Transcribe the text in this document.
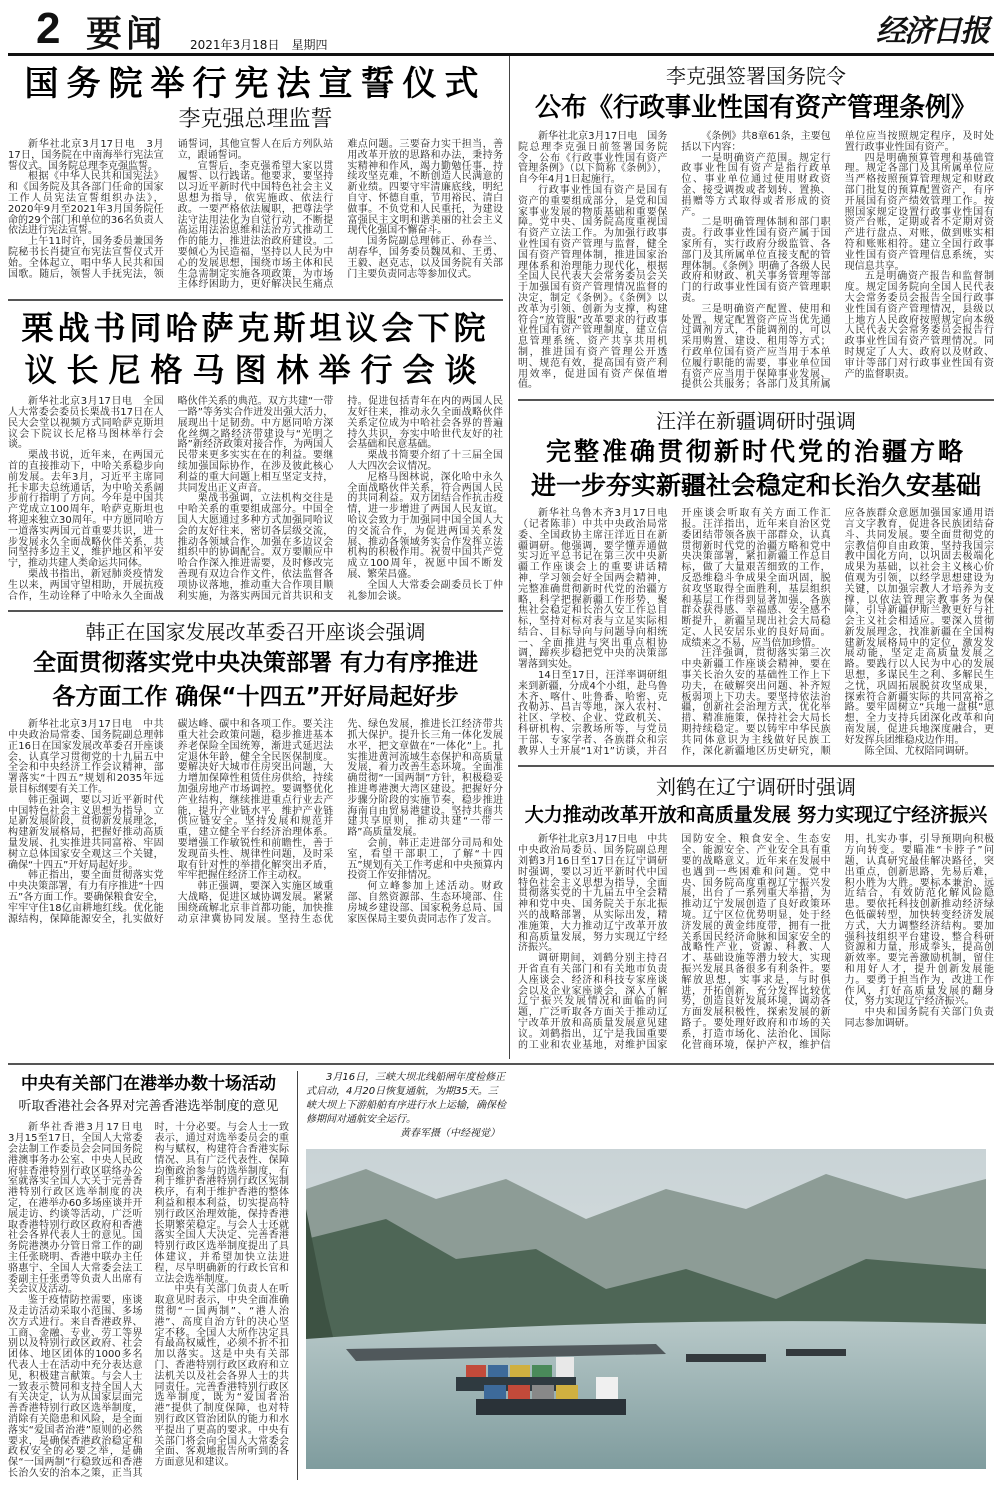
2 要闻 2021年3月18日　星期四	经济日报
国务院举行宪法宣誓仪式
李克强总理监誓

新华社北京3月17日电　3月17日，国务院在中南海举行宪法宣誓仪式。国务院总理李克强监誓。

根据《中华人民共和国宪法》和《国务院及其各部门任命的国家工作人员宪法宣誓组织办法》，2020年9月至2021年3月国务院任命的29个部门和单位的36名负责人依法进行宪法宣誓。

上午11时许，国务委员兼国务院秘书长肖捷宣布宪法宣誓仪式开始。全体起立，唱中华人民共和国国歌。随后，领誓人手抚宪法，领诵誓词，其他宣誓人在后方列队站立，跟诵誓词。

宣誓后，李克强希望大家以贯履誓、以行践诺。他要求，要坚持以习近平新时代中国特色社会主义思想为指导，依宪施政、依法行政。一要严格依法履职，把尊法学法守法用法化为自觉行动，不断提高运用法治思维和法治方式推动工作的能力，推进法治政府建设。二要倾心为民造福，坚持以人民为中心的发展思想，围绕市场主体和民生急需制定实施各项政策，为市场主体纾困助力，更好解决民生痛点难点问题。三要奋力实干担当，善用改革开放的思路和办法，秉持务实精神和作风，竭力勤勉任事，持续攻坚克难，不断创造人民满意的新业绩。四要守牢清廉底线，明纪自守、怀德自重，节用裕民、清白做事。不负党和人民重托，为建设富强民主文明和谐美丽的社会主义现代化强国不懈奋斗。

国务院副总理韩正、孙春兰、胡春华，国务委员魏凤和、王勇、王毅、赵克志，以及国务院有关部门主要负责同志等参加仪式。

栗战书同哈萨克斯坦议会下院
议长尼格马图林举行会谈

新华社北京3月17日电　全国人大常委会委员长栗战书17日在人民大会堂以视频方式同哈萨克斯坦议会下院议长尼格马图林举行会谈。

栗战书说，近年来，在两国元首的直接推动下，中哈关系稳步向前发展。去年3月，习近平主席同托卡耶夫总统通话，为中哈关系阔步前行指明了方向。今年是中国共产党成立100周年，哈萨克斯坦也将迎来独立30周年。中方愿同哈方一道落实两国元首重要共识，进一步发展永久全面战略伙伴关系，共同坚持多边主义，维护地区和平安宁，推动共建人类命运共同体。

栗战书指出，新冠肺炎疫情发生以来，两国守望相助，开展抗疫合作，生动诠释了中哈永久全面战略伙伴关系的典范。双方共建“一带一路”等务实合作迸发出强大活力，展现出十足韧劲。中方愿同哈方深化丝绸之路经济带建设与“光明之路”新经济政策对接合作，为两国人民带来更多实实在在的利益。要继续加强国际协作，在涉及彼此核心利益的重大问题上相互坚定支持，共同发出正义声音。

栗战书强调，立法机构交往是中哈关系的重要组成部分。中国全国人大愿通过多种方式加强同哈议会的友好往来，密切各层级交流，推动各领域合作，加强在多边议会组织中的协调配合。双方要顺应中哈合作深入推进需要，及时修改完善现有双边合作文件，依法监督各项协议落地，推动重大合作项目顺利实施，为落实两国元首共识和支持。促进包括青年在内的两国人民友好往来，推动永久全面战略伙伴关系定位成为中哈社会各界的普遍持久共识，夯实中哈世代友好的社会基础和民意基础。

栗战书简要介绍了十三届全国人大四次会议情况。

尼格马图林说，深化哈中永久全面战略伙伴关系，符合两国人民的共同利益。双方团结合作抗击疫情，进一步增进了两国人民友谊。哈议会致力于加强同中国全国人大的交流合作，为促进两国关系发展、推动各领域务实合作发挥立法机构的积极作用。祝贺中国共产党成立100周年，祝愿中国不断发展、繁荣昌盛。

全国人大常委会副委员长丁仲礼参加会谈。

韩正在国家发展改革委召开座谈会强调
全面贯彻落实党中央决策部署 有力有序推进
各方面工作 确保“十四五”开好局起好步

新华社北京3月17日电　中共中央政治局常委、国务院副总理韩正16日在国家发展改革委召开座谈会，认真学习贯彻党的十九届五中全会和中央经济工作会议精神，部署落实“十四五”规划和2035年远景目标纲要有关工作。

韩正强调，要以习近平新时代中国特色社会主义思想为指导，立足新发展阶段，贯彻新发展理念，构建新发展格局，把握好推动高质量发展、扎实推进共同富裕、牢固树立总体国家安全观这三个关键，确保“十四五”开好局起好步。

韩正指出，要全面贯彻落实党中央决策部署，有力有序推进“十四五”各方面工作。要确保粮食安全，牢牢守住18亿亩耕地红线。优化能源结构，保障能源安全，扎实做好碳达峰、碳中和各项工作。要关注重大社会政策问题，稳步推进基本养老保险全国统筹，渐进式延迟法定退休年龄，健全全民医保制度。要解决好大城市住房突出问题，大力增加保障性租赁住房供给，持续加强房地产市场调控。要调整优化产业结构，继续推进重点行业去产能，提升产业链水平，维护产业链供应链安全。坚持发展和规范并重，建立健全平台经济治理体系。要增强工作敏锐性和前瞻性，善于发现苗头性、规律性问题，及时采取有针对性的举措化解突出矛盾，牢牢把握住经济工作主动权。

韩正强调，要深入实施区域重大战略，促进区域协调发展。紧紧围绕疏解北京非首都功能，加快推动京津冀协同发展。坚持生态优先、绿色发展，推进长江经济带共抓大保护。提升长三角一体化发展水平，把文章做在“一体化”上。扎实推进黄河流域生态保护和高质量发展，着力改善生态环境。全面准确贯彻“一国两制”方针，积极稳妥推进粤港澳大湾区建设。把握好分步骤分阶段的实施节奏，稳步推进海南自由贸易港建设。坚持共商共建共享原则，推动共建“一带一路”高质量发展。

会前，韩正走进部分司局和处室，看望干部职工，了解“十四五”规划有关工作考虑和中央预算内投资工作安排情况。

何立峰参加上述活动。财政部、自然资源部、生态环境部、住房城乡建设部、国家税务总局、国家医保局主要负责同志作了发言。

李克强签署国务院令
公布《行政事业性国有资产管理条例》

新华社北京3月17日电　国务院总理李克强日前签署国务院令，公布《行政事业性国有资产管理条例》（以下简称《条例》），自今年4月1日起施行。

行政事业性国有资产是国有资产的重要组成部分，是党和国家事业发展的物质基础和重要保障。党中央、国务院高度重视国有资产立法工作。为加强行政事业性国有资产管理与监督，健全国有资产管理体制，推进国家治理体系和治理能力现代化，根据全国人民代表大会常务委员会关于加强国有资产管理情况监督的决定，制定《条例》。《条例》以改革为引领、创新为支撑，构建符合“放管服”改革要求的行政事业性国有资产管理制度，建立信息管理系统、资产共享共用机制，推进国有资产管理公开透明、规范有效，提高国有资产利用效率，促进国有资产保值增值。

《条例》共8章61条，主要包括以下内容：

一是明确资产范围。规定行政事业性国有资产是指行政单位、事业单位通过使用财政资金、接受调拨或者划转、置换、捐赠等方式取得或者形成的资产。

二是明确管理体制和部门职责。行政事业性国有资产属于国家所有，实行政府分级监管、各部门及其所属单位直接支配的管理体制。《条例》明确了各级人民政府和财政、机关事务管理等部门的行政事业性国有资产管理职责。

三是明确资产配置、使用和处置。规定配置资产应当优先通过调剂方式，不能调剂的，可以采用购置、建设、租用等方式；行政单位国有资产应当用于本单位履行职能的需要，事业单位国有资产应当用于保障事业发展、提供公共服务；各部门及其所属单位应当按照规定程序，及时处置行政事业性国有资产。

四是明确预算管理和基础管理。规定各部门及其所属单位应当严格按照预算管理规定和财政部门批复的预算配置资产，有序开展国有资产绩效管理工作。按照国家规定设置行政事业性国有资产台账，定期或者不定期对资产进行盘点、对账，做到账实相符和账账相符。建立全国行政事业性国有资产管理信息系统，实现信息共享。

五是明确资产报告和监督制度。规定国务院向全国人民代表大会常务委员会报告全国行政事业性国有资产管理情况，县级以上地方人民政府按照规定向本级人民代表大会常务委员会报告行政事业性国有资产管理情况。同时规定了人大、政府以及财政、审计等部门对行政事业性国有资产的监督职责。

汪洋在新疆调研时强调
完整准确贯彻新时代党的治疆方略
进一步夯实新疆社会稳定和长治久安基础

新华社乌鲁木齐3月17日电（记者陈菲）中共中央政治局常委、全国政协主席汪洋近日在新疆调研。他强调，要学懂弄通做实习近平总书记在第三次中央新疆工作座谈会上的重要讲话精神，学习领会好全国两会精神，完整准确贯彻新时代党的治疆方略，科学把握新疆工作形势，聚焦社会稳定和长治久安工作总目标，坚持对标对表与立足实际相结合、目标导向与问题导向相统一、全面推进与突出重点相协调，蹄疾步稳把党中央的决策部署落到实处。

14日至17日，汪洋率调研组来到新疆，分成4个小组，赴乌鲁木齐、喀什、吐鲁番、哈密、克孜勒苏、昌吉等地，深入农村、社区、学校、企业、党政机关、科研机构、宗教场所等，与党员干部、专家学者、各族群众和宗教界人士开展“1对1”访谈，并召开座谈会听取有关方面工作汇报。汪洋指出，近年来自治区党委团结带领各族干部群众，认真贯彻新时代党的治疆方略和党中央决策部署，紧扣新疆工作总目标，做了大量艰苦细致的工作，反恐维稳斗争成果全面巩固，脱贫攻坚取得全面胜利，基层组织和基层工作得到显著加强，各族群众获得感、幸福感、安全感不断提升，新疆呈现出社会大局稳定、人民安居乐业的良好局面。成绩来之不易，应当倍加珍惜。

汪洋强调，贯彻落实第三次中央新疆工作座谈会精神，要在事关长治久安的基础性工作上下功夫，在破解突出问题、补齐短板弱项上下功夫。要坚持依法治疆，创新社会治理方式，优化举措、精准施策，保持社会大局长期持续稳定。要以铸牢中华民族共同体意识为主线做好民族工作，深化新疆地区历史研究，顺应各族群众意愿加强国家通用语言文字教育，促进各民族团结奋斗、共同发展。要全面贯彻党的宗教信仰自由政策，坚持我国宗教中国化方向，以巩固去极端化成果为基础，以社会主义核心价值观为引领，以经学思想建设为关键，以加强宗教人才培养为支撑，以依法管理宗教事务为保障，引导新疆伊斯兰教更好与社会主义社会相适应。要深入贯彻新发展理念，找准新疆在全国构建新发展格局中的定位，激发发展动能，坚定走高质量发展之路。要践行以人民为中心的发展思想，多谋民生之利、多解民生之忧，巩固拓展脱贫攻坚成果，探索符合新疆实际的共同富裕之路。要牢固树立“兵地一盘棋”思想，全力支持兵团深化改革和向南发展，促进兵地深度融合，更好发挥兵团维稳戍边作用。

陈全国、尤权陪同调研。

刘鹤在辽宁调研时强调
大力推动改革开放和高质量发展 努力实现辽宁经济振兴

新华社北京3月17日电　中共中央政治局委员、国务院副总理刘鹤3月16日至17日在辽宁调研时强调，要以习近平新时代中国特色社会主义思想为指导，全面贯彻落实党的十九届五中全会精神和党中央、国务院关于东北振兴的战略部署，从实际出发，精准施策，大力推动辽宁改革开放和高质量发展，努力实现辽宁经济振兴。

调研期间，刘鹤分别主持召开省直有关部门和有关地市负责人座谈会、经济和科技专家座谈会以及企业家座谈会，深入了解辽宁振兴发展情况和面临的问题，广泛听取各方面关于推动辽宁改革开放和高质量发展意见建议。刘鹤指出，辽宁是我国重要的工业和农业基地，对维护国家国防安全、粮食安全、生态安全、能源安全、产业安全具有重要的战略意义。近年来在发展中也遇到一些困难和问题。党中央、国务院高度重视辽宁振兴发展，出台了一系列重大举措，为推动辽宁发展创造了良好政策环境。辽宁区位优势明显，处于经济发展的黄金纬度带，拥有一批关系国民经济命脉和国家安全的战略性产业，资源、科教、人才、基础设施等潜力较大，实现振兴发展具备很多有利条件。要解放思想，实事求是，与时俱进，开拓创新，充分发挥比较优势，创造良好发展环境，调动各方面发展积极性，探索发展的新路子。要处理好政府和市场的关系，打造市场化、法治化、国际化营商环境，保护产权，维护信用，扎实办事，引导预期向积极方向转变。要瞄准“卡脖子”问题，认真研究最佳解决路径，突出重点，创新思路，先易后难，积小胜为大胜。要标本兼治、远近结合，有效防范化解风险隐患。要依托科技创新推动经济绿色低碳转型，加快转变经济发展方式，大力调整经济结构。要加强科技组织平台建设，整合科研资源和力量，形成拳头，提高创新效率。要完善激励机制，留住和用好人才，提升创新发展能力。要勇于担当作为，改进工作作风，打好高质量发展的翻身仗，努力实现辽宁经济振兴。

中央和国务院有关部门负责同志参加调研。

中央有关部门在港举办数十场活动
听取香港社会各界对完善香港选举制度的意见

新华社香港3月17日电　3月15至17日，全国人大常委会法制工作委员会会同国务院港澳事务办公室、中央人民政府驻香港特别行政区联络办公室就落实全国人大关于完善香港特别行政区选举制度的决定，在港举办60多场座谈并开展走访、约谈等活动，广泛听取香港特别行政区政府和香港社会各界代表人士的意见。国务院港澳办分管日常工作的副主任张晓明、香港中联办主任骆惠宁、全国人大常委会法工委副主任张勇等负责人出席有关会议及活动。

鉴于疫情防控需要，座谈及走访活动采取小范围、多场次方式进行。来自香港政界、工商、金融、专业、劳工等界别以及特别行政区政府、社会团体、地区团体的1000多名代表人士在活动中充分表达意见，积极建言献策。与会人士一致表示赞同和支持全国人大有关决定，认为从国家层面完善香港特别行政区选举制度，消除有关隐患和风险，是全面落实“爱国者治港”原则的必然要求，是确保香港政治稳定和政权安全的必要之举，是确保“一国两制”行稳致远和香港长治久安的治本之策，正当其时，十分必要。与会人士一致表示，通过对选举委员会的重构与赋权，构建符合香港实际情况、具有广泛代表性、保障均衡政治参与的选举制度，有利于维护香港特别行政区宪制秩序，有利于维护香港的整体利益和根本利益，切实提高特别行政区治理效能，保持香港长期繁荣稳定。与会人士还就落实全国人大决定、完善香港特别行政区选举制度提出了具体建议，并希望加快立法进程，尽早明确新的行政长官和立法会选举制度。

中央有关部门负责人在听取意见时表示，中央全面准确贯彻“一国两制”、“港人治港”、高度自治方针的决心坚定不移。全国人大所作决定具有最高权威性，必须不折不扣加以落实。这是中央有关部门、香港特别行政区政府和立法机关以及社会各界人士的共同责任。完善香港特别行政区选举制度，既为“爱国者治港”提供了制度保障，也对特别行政区管治团队的能力和水平提出了更高的要求。中央有关部门将会向全国人大常委会全面、客观地报告所听到的各方面意见和建议。

3月16日，三峡大坝北线船闸年度检修正式启动，4月20日恢复通航，为期35天。三峡大坝上下游船舶有序进行水上运输，确保检修期间对通航安全运行。
黄春军摄（中经视觉）
